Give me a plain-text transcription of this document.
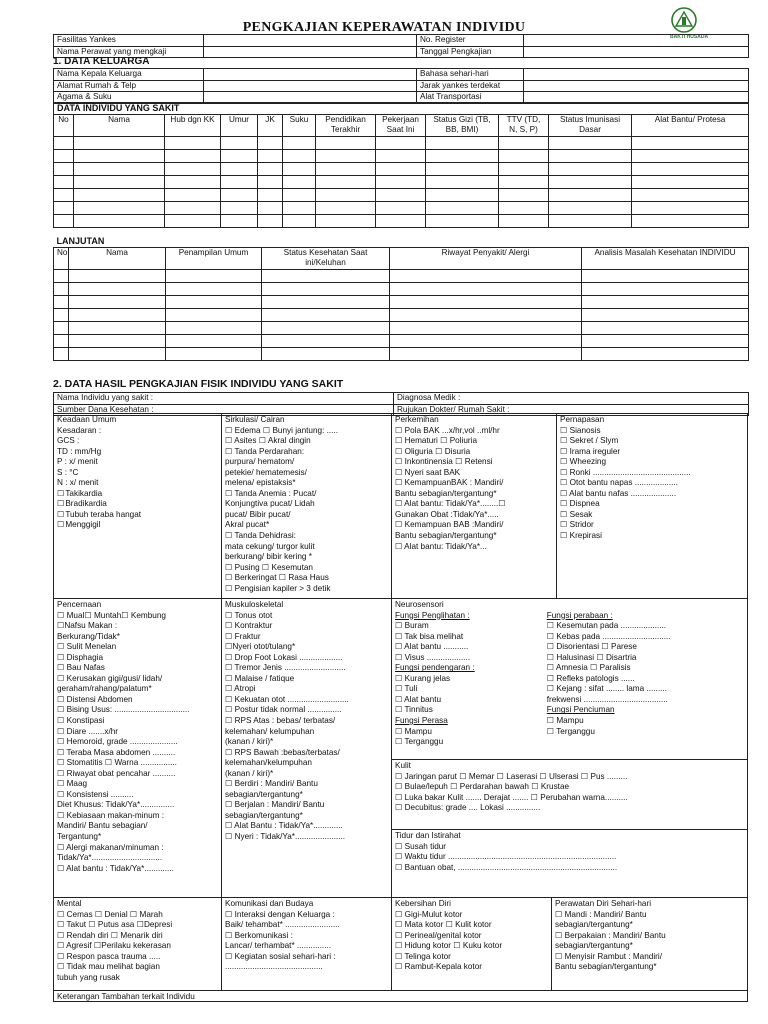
PENGKAJIAN KEPERAWATAN INDIVIDU
BAKTI HUSADA
Fasilitas Yankes		No. Register	
Nama Perawat yang mengkaji		Tanggal Pengkajian	
1. DATA KELUARGA
Nama Kepala Keluarga		Bahasa sehari-hari	
Alamat Rumah & Telp		Jarak yankes terdekat	
Agama & Suku		Alat Transportasi	
DATA INDIVIDU YANG SAKIT											
No	Nama	Hub dgn KK	Umur	JK	Suku	Pendidikan Terakhir	Pekerjaan Saat Ini	Status Gizi (TB, BB, BMI)	TTV (TD, N, S, P)	Status Imunisasi Dasar	Alat Bantu/ Protesa

LANJUTAN					
No	Nama	Penampilan Umum	Status Kesehatan Saat ini/Keluhan	Riwayat Penyakit/ Alergi	Analisis Masalah Kesehatan INDIVIDU

2. DATA HASIL PENGKAJIAN FISIK INDIVIDU YANG SAKIT
Nama Individu yang sakit :	Diagnosa Medik :
Sumber Dana Kesehatan :	Rujukan Dokter/ Rumah Sakit :
Keadaan Umum
Kesadaran :
GCS :
TD : mm/Hg
P : x/ menit
S : °C
N : x/ menit
☐ Takikardia
☐ Bradikardia
☐ Tubuh teraba hangat
☐ Menggigil
Sirkulasi/ Cairan
☐ Edema ☐ Bunyi jantung: .....
☐ Asites ☐ Akral dingin
☐ Tanda Perdarahan:
purpura/ hematom/
petekie/ hematemesis/
melena/ epistaksis*
☐ Tanda Anemia : Pucat/
Konjungtiva pucat/ Lidah
pucat/ Bibir pucat/
Akral pucat*
☐ Tanda Dehidrasi:
mata cekung/ turgor kulit
berkurang/ bibir kering *
☐ Pusing ☐ Kesemutan
☐ Berkeringat ☐ Rasa Haus
☐ Pengisian kapiler > 3 detik
Perkemihan
☐ Pola BAK ...x/hr,vol ..ml/hr
☐ Hematuri ☐ Poliuria
☐ Oliguria ☐ Disuria
☐ Inkontinensia ☐ Retensi
☐ Nyeri saat BAK
☐ KemampuanBAK : Mandiri/
Bantu sebagian/tergantung*
☐ Alat bantu: Tidak/Ya*........☐
Gunakan Obat :Tidak/Ya*.....
☐ Kemampuan BAB :Mandiri/
Bantu sebagian/tergantung*
☐ Alat bantu: Tidak/Ya*...
Pernapasan
☐ Sianosis
☐ Sekret / Slym
☐ Irama ireguler
☐ Wheezing
☐ Ronki ...........................................
☐ Otot bantu napas ...................
☐ Alat bantu nafas ....................
☐ Dispnea
☐ Sesak
☐ Stridor
☐ Krepirasi
Pencernaan
☐ Mual☐ Muntah☐ Kembung
☐Nafsu Makan :
Berkurang/Tidak*
☐ Sulit Menelan
☐ Disphagia
☐ Bau Nafas
☐ Kerusakan gigi/gusi/ lidah/
geraham/rahang/palatum*
☐ Distensi Abdomen
☐ Bising Usus: .................................
☐ Konstipasi
☐ Diare .......x/hr
☐ Hemoroid, grade .....................
☐ Teraba Masa abdomen ..........
☐ Stomatitis ☐ Warna ................
☐ Riwayat obat pencahar ..........
☐ Maag
☐ Konsistensi ..........
Diet Khusus: Tidak/Ya*...............
☐ Kebiasaan makan-minum :
Mandiri/ Bantu sebagian/
Tergantung*
☐ Alergi makanan/minuman :
Tidak/Ya*...............................
☐ Alat bantu : Tidak/Ya*.............
Muskuloskeletal
☐ Tonus otot
☐ Kontraktur
☐ Fraktur
☐Nyeri otot/tulang*
☐ Drop Foot Lokasi ...................
☐ Tremor Jenis ...........................
☐ Malaise / fatique
☐ Atropi
☐ Kekuatan otot ...........................
☐ Postur tidak normal ...............
☐ RPS Atas : bebas/ terbatas/
kelemahan/ kelumpuhan
(kanan / kiri)*
☐ RPS Bawah :bebas/terbatas/
kelemahan/kelumpuhan
(kanan / kiri)*
☐ Berdiri : Mandiri/ Bantu
sebagian/tergantung*
☐ Berjalan : Mandiri/ Bantu
sebagian/tergantung*
☐ Alat Bantu : Tidak/Ya*.............
☐ Nyeri : Tidak/Ya*......................
Neurosensori
Fungsi Penglihatan :
☐ Buram
☐ Tak bisa melihat
☐ Alat bantu ...........
☐ Visus ...................
Fungsi pendengaran :
☐ Kurang jelas
☐ Tuli
☐ Alat bantu
☐ Tinnitus
Fungsi Perasa
☐ Mampu
☐ Terganggu
Fungsi perabaan :
☐ Kesemutan pada ....................
☐ Kebas pada ..............................
☐ Disorientasi ☐ Parese
☐ Halusinasi ☐ Disartria
☐ Amnesia ☐ Paralisis
☐ Refleks patologis ......
☐ Kejang : sifat ........ lama .........
frekwensi .....................................
Fungsi Penciuman
☐ Mampu
☐ Terganggu
Kulit
☐ Jaringan parut ☐ Memar ☐ Laserasi ☐ Ulserasi ☐ Pus .........
☐ Bulae/lepuh ☐ Perdarahan bawah ☐ Krustae
☐ Luka bakar Kulit ....... Derajat ....... ☐ Perubahan warna..........
☐ Decubitus: grade .... Lokasi ...............
Tidur dan Istirahat
☐ Susah tidur
☐ Waktu tidur ..........................................................................
☐ Bantuan obat, ......................................................................
Mental
☐ Cemas ☐ Denial ☐ Marah
☐ Takut ☐ Putus asa ☐Depresi
☐ Rendah diri ☐ Menarik diri
☐ Agresif ☐Perilaku kekerasan
☐ Respon pasca trauma .....
☐ Tidak mau melihat bagian
tubuh yang rusak
Komunikasi dan Budaya
☐ Interaksi dengan Keluarga :
Baik/ tehambat* ........................
☐ Berkomunikasi :
Lancar/ terhambat* ...............
☐ Kegiatan sosial sehari-hari :
...........................................
Kebersihan Diri
☐ Gigi-Mulut kotor
☐ Mata kotor ☐ Kulit kotor
☐ Perineal/genital kotor
☐ Hidung kotor ☐ Kuku kotor
☐ Telinga kotor
☐ Rambut-Kepala kotor
Perawatan Diri Sehari-hari
☐ Mandi : Mandiri/ Bantu
sebagian/tergantung*
☐ Berpakaian : Mandiri/ Bantu
sebagian/tergantung*
☐ Menyisir Rambut : Mandiri/
Bantu sebagian/tergantung*
Keterangan Tambahan terkait Individu
